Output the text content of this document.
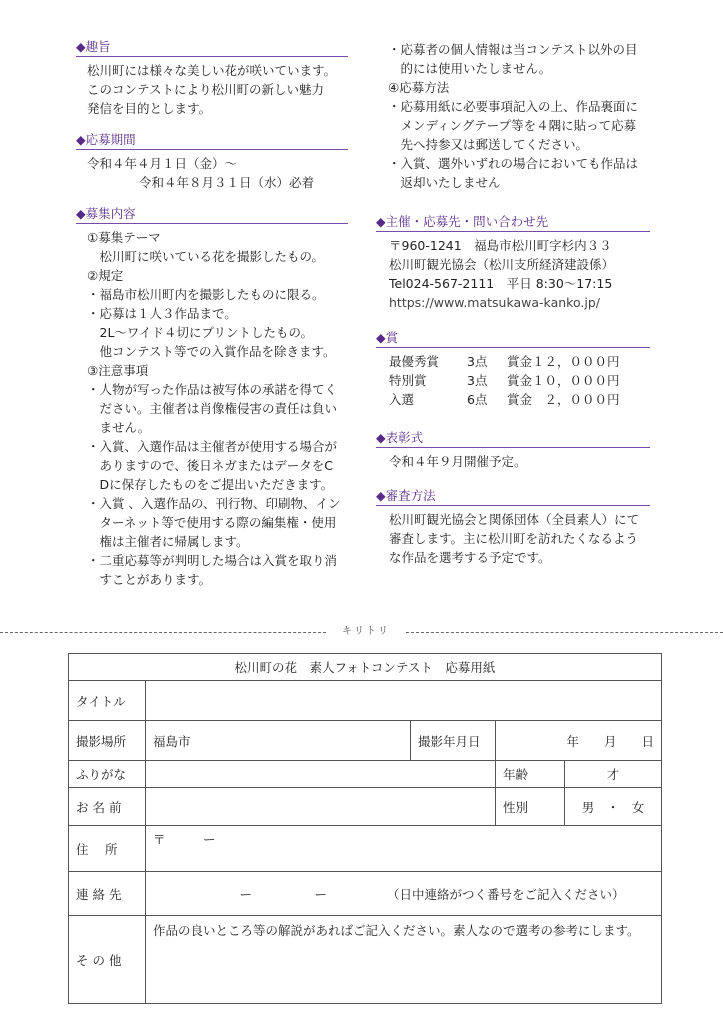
◆趣旨
松川町には様々な美しい花が咲いています。
このコンテストにより松川町の新しい魅力
発信を目的とします。
◆応募期間
令和４年４月１日（金）～
令和４年８月３１日（水）必着
◆募集内容
①募集テーマ
　松川町に咲いている花を撮影したもの。
②規定
・福島市松川町内を撮影したものに限る。
・応募は１人３作品まで。
　2L～ワイド４切にプリントしたもの。
　他コンテスト等での入賞作品を除きます。
③注意事項
・人物が写った作品は被写体の承諾を得てく
　ださい。主催者は肖像権侵害の責任は負い
　ません。
・入賞、入選作品は主催者が使用する場合が
　ありますので、後日ネガまたはデータをC
　Dに保存したものをご提出いただきます。
・入賞 、入選作品の、刊行物、印刷物、イン
　ターネット等で使用する際の編集権・使用
　権は主催者に帰属します。
・二重応募等が判明した場合は入賞を取り消
　すことがあります。
・応募者の個人情報は当コンテスト以外の目
　的には使用いたしません。
④応募方法
・応募用紙に必要事項記入の上、作品裏面に
　メンディングテープ等を４隅に貼って応募
　先へ持参又は郵送してください。
・入賞、選外いずれの場合においても作品は
　返却いたしません
◆主催・応募先・問い合わせ先
〒960-1241　福島市松川町字杉内３３
松川町観光協会（松川支所経済建設係）
Tel024-567-2111　平日 8:30～17:15
https://www.matsukawa-kanko.jp/
◆賞
最優秀賞 3点 賞金１２，０００円
特別賞	3点 賞金１０，０００円
入選	6点 賞金　２，０００円
◆表彰式
令和４年９月開催予定。
◆審査方法
松川町観光協会と関係団体（全員素人）にて
審査します。主に松川町を訪れたくなるよう
な作品を選考する予定です。
キリトリ
松川町の花　素人フォトコンテスト　応募用紙				
タイトル				
撮影場所	福島市	撮影年月日	年　　月　　日	
ふりがな			年齢	才
お 名 前			性別	男　・　女
住　 所	〒　　　ー			
連 絡 先	ー　　　　　ー （日中連絡がつく番号をご記入ください）			
そ の 他	作品の良いところ等の解説があればご記入ください。素人なので選考の参考にします。			
